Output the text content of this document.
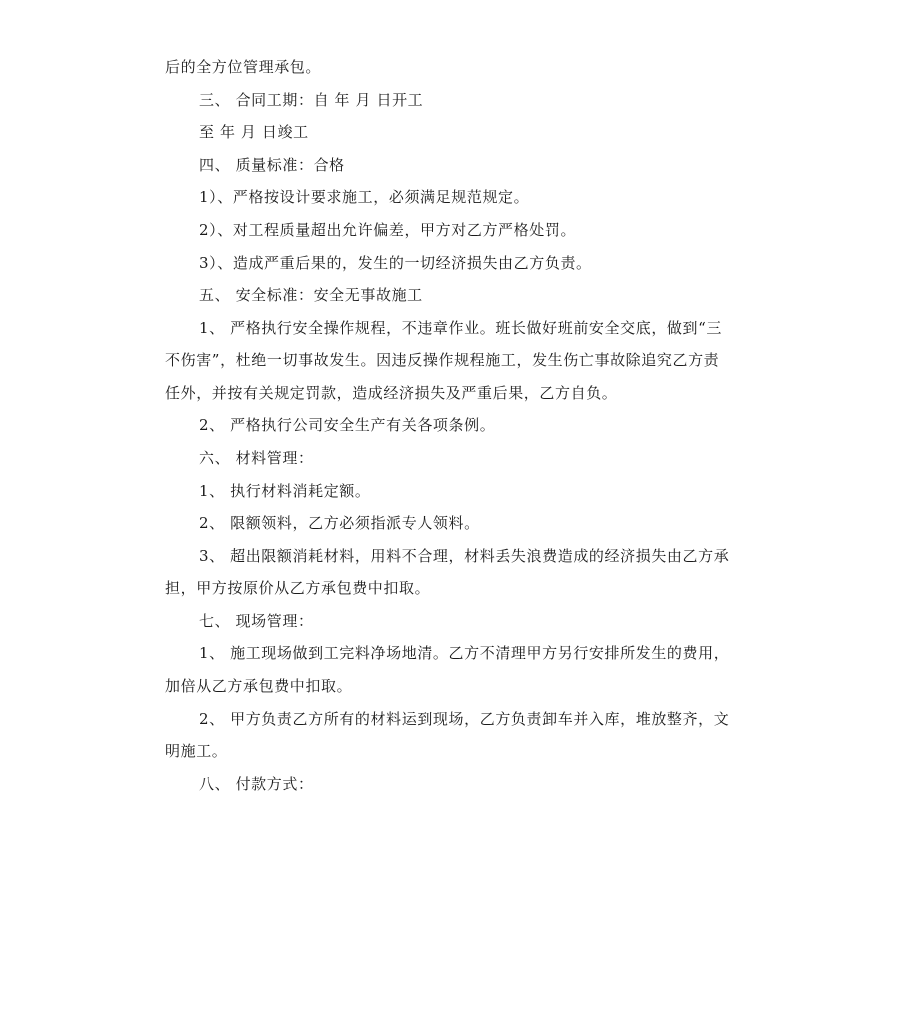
后的全方位管理承包。
三、 合同工期：自 年 月 日开工
至 年 月 日竣工
四、 质量标准：合格
1）、严格按设计要求施工，必须满足规范规定。
2）、对工程质量超出允许偏差，甲方对乙方严格处罚。
3）、造成严重后果的，发生的一切经济损失由乙方负责。
五、 安全标准：安全无事故施工
1、 严格执行安全操作规程，不违章作业。班长做好班前安全交底，做到“三
不伤害”，杜绝一切事故发生。因违反操作规程施工，发生伤亡事故除追究乙方责
任外，并按有关规定罚款，造成经济损失及严重后果，乙方自负。
2、 严格执行公司安全生产有关各项条例。
六、 材料管理：
1、 执行材料消耗定额。
2、 限额领料，乙方必须指派专人领料。
3、 超出限额消耗材料，用料不合理，材料丢失浪费造成的经济损失由乙方承
担，甲方按原价从乙方承包费中扣取。
七、 现场管理：
1、 施工现场做到工完料净场地清。乙方不清理甲方另行安排所发生的费用，
加倍从乙方承包费中扣取。
2、 甲方负责乙方所有的材料运到现场，乙方负责卸车并入库，堆放整齐，文
明施工。
八、 付款方式：
